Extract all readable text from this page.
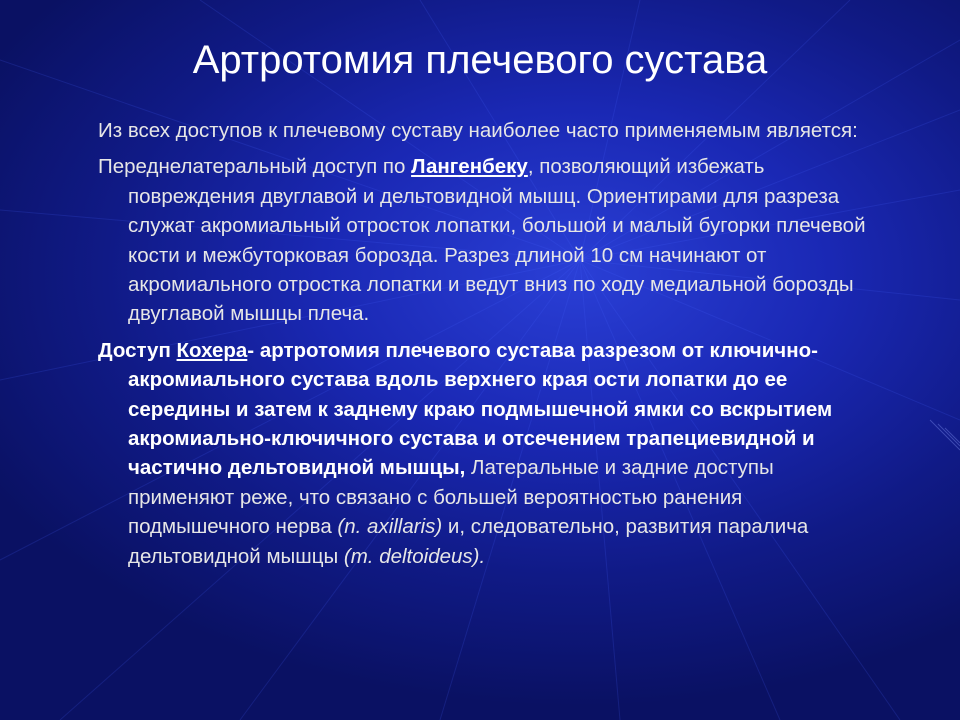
Артротомия плечевого сустава

Из всех доступов к плечевому суставу наиболее часто применяемым является:

Переднелатеральный доступ по Лангенбеку, позволяющий избежать повреждения двуглавой и дельтовидной мышц. Ориентирами для разреза служат акромиальный отросток лопатки, большой и малый бугорки плечевой кости и межбуторковая борозда. Разрез длиной 10 см начинают от акромиального отростка лопатки и ведут вниз по ходу медиальной борозды двуглавой мышцы плеча.

Доступ Кохера- артротомия плечевого сустава разрезом от ключично-акромиального сустава вдоль верхнего края ости лопатки до ее середины и затем к заднему краю подмышечной ямки со вскрытием акромиально-ключичного сустава и отсечением трапециевидной и частично дельтовидной мышцы, Латеральные и задние доступы применяют реже, что связано с большей вероятностью ранения подмышечного нерва (n. axillaris) и, следовательно, развития паралича дельтовидной мышцы (m. deltoideus).
